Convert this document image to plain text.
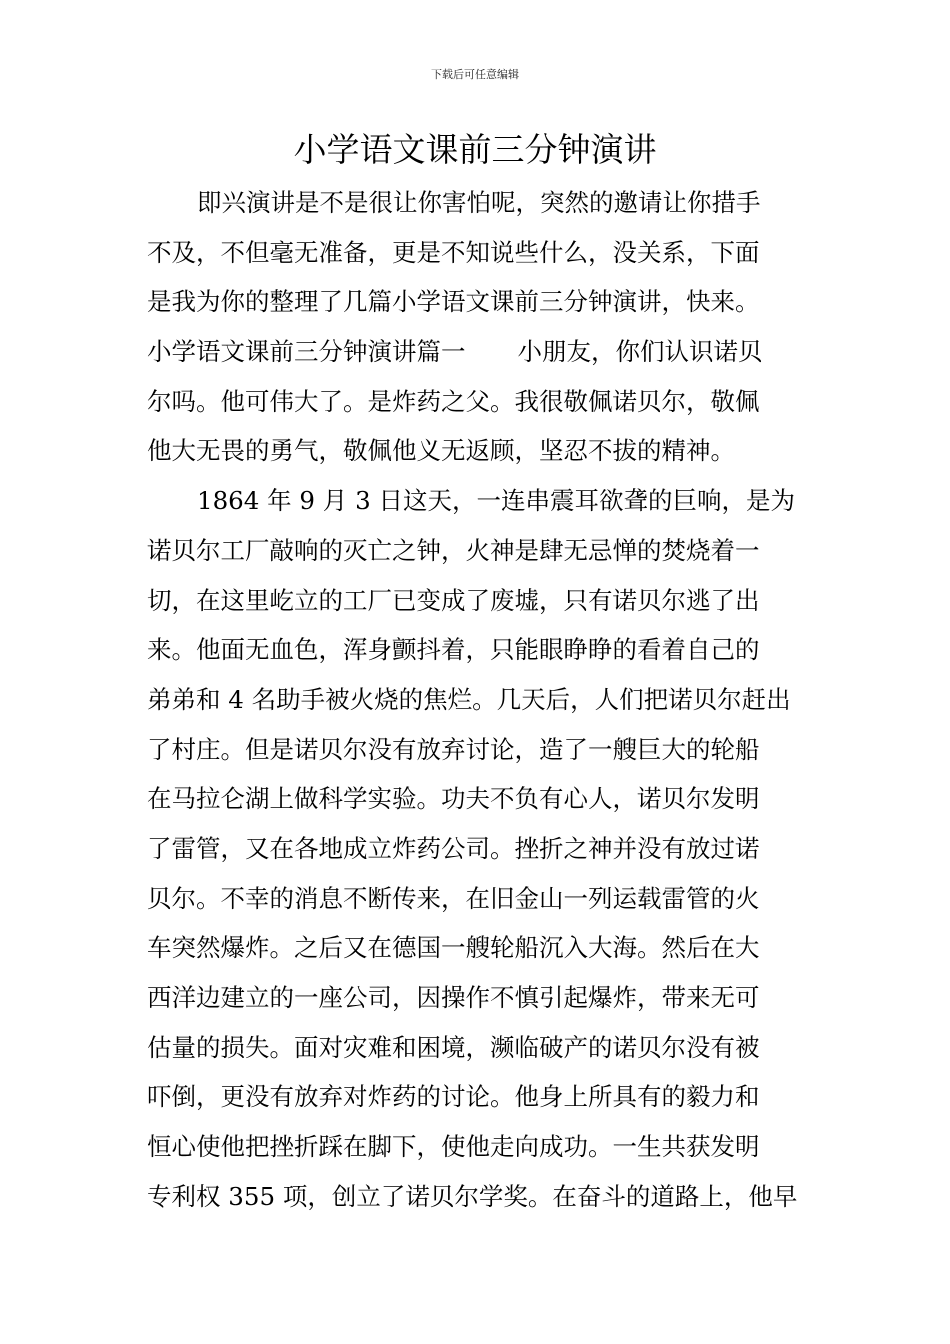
下载后可任意编辑
小学语文课前三分钟演讲
即兴演讲是不是很让你害怕呢，突然的邀请让你措手
不及，不但毫无准备，更是不知说些什么，没关系，下面
是我为你的整理了几篇小学语文课前三分钟演讲，快来。
小学语文课前三分钟演讲篇一 小朋友，你们认识诺贝
尔吗。他可伟大了。是炸药之父。我很敬佩诺贝尔，敬佩
他大无畏的勇气，敬佩他义无返顾，坚忍不拔的精神。
1864 年 9 月 3 日这天，一连串震耳欲聋的巨响，是为
诺贝尔工厂敲响的灭亡之钟，火神是肆无忌惮的焚烧着一
切，在这里屹立的工厂已变成了废墟，只有诺贝尔逃了出
来。他面无血色，浑身颤抖着，只能眼睁睁的看着自己的
弟弟和 4 名助手被火烧的焦烂。几天后，人们把诺贝尔赶出
了村庄。但是诺贝尔没有放弃讨论，造了一艘巨大的轮船
在马拉仑湖上做科学实验。功夫不负有心人，诺贝尔发明
了雷管，又在各地成立炸药公司。挫折之神并没有放过诺
贝尔。不幸的消息不断传来，在旧金山一列运载雷管的火
车突然爆炸。之后又在德国一艘轮船沉入大海。然后在大
西洋边建立的一座公司，因操作不慎引起爆炸，带来无可
估量的损失。面对灾难和困境，濒临破产的诺贝尔没有被
吓倒，更没有放弃对炸药的讨论。他身上所具有的毅力和
恒心使他把挫折踩在脚下，使他走向成功。一生共获发明
专利权 355 项，创立了诺贝尔学奖。在奋斗的道路上，他早
